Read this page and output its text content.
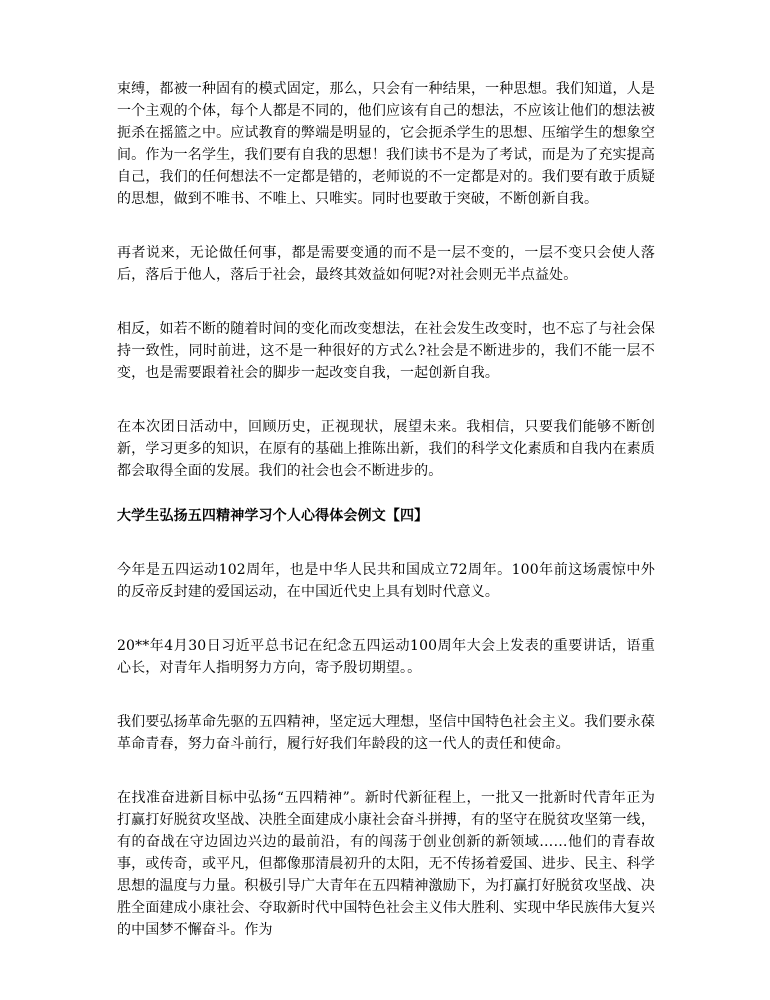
束缚，都被一种固有的模式固定，那么，只会有一种结果，一种思想。我们知道，人是一个主观的个体，每个人都是不同的，他们应该有自己的想法，不应该让他们的想法被扼杀在摇篮之中。应试教育的弊端是明显的，它会扼杀学生的思想、压缩学生的想象空间。作为一名学生，我们要有自我的思想！我们读书不是为了考试，而是为了充实提高自己，我们的任何想法不一定都是错的，老师说的不一定都是对的。我们要有敢于质疑的思想，做到不唯书、不唯上、只唯实。同时也要敢于突破，不断创新自我。

再者说来，无论做任何事，都是需要变通的而不是一层不变的，一层不变只会使人落后，落后于他人，落后于社会，最终其效益如何呢?对社会则无半点益处。

相反，如若不断的随着时间的变化而改变想法，在社会发生改变时，也不忘了与社会保持一致性，同时前进，这不是一种很好的方式么?社会是不断进步的，我们不能一层不变，也是需要跟着社会的脚步一起改变自我，一起创新自我。

在本次团日活动中，回顾历史，正视现状，展望未来。我相信，只要我们能够不断创新，学习更多的知识，在原有的基础上推陈出新，我们的科学文化素质和自我内在素质都会取得全面的发展。我们的社会也会不断进步的。

大学生弘扬五四精神学习个人心得体会例文【四】

今年是五四运动102周年，也是中华人民共和国成立72周年。100年前这场震惊中外的反帝反封建的爱国运动，在中国近代史上具有划时代意义。

20**年4月30日习近平总书记在纪念五四运动100周年大会上发表的重要讲话，语重心长，对青年人指明努力方向，寄予殷切期望。。

我们要弘扬革命先驱的五四精神，坚定远大理想，坚信中国特色社会主义。我们要永葆革命青春，努力奋斗前行，履行好我们年龄段的这一代人的责任和使命。

在找准奋进新目标中弘扬“五四精神”。新时代新征程上，一批又一批新时代青年正为打赢打好脱贫攻坚战、决胜全面建成小康社会奋斗拼搏，有的坚守在脱贫攻坚第一线，有的奋战在守边固边兴边的最前沿，有的闯荡于创业创新的新领域……他们的青春故事，或传奇，或平凡，但都像那清晨初升的太阳，无不传扬着爱国、进步、民主、科学思想的温度与力量。积极引导广大青年在五四精神激励下，为打赢打好脱贫攻坚战、决胜全面建成小康社会、夺取新时代中国特色社会主义伟大胜利、实现中华民族伟大复兴的中国梦不懈奋斗。作为
